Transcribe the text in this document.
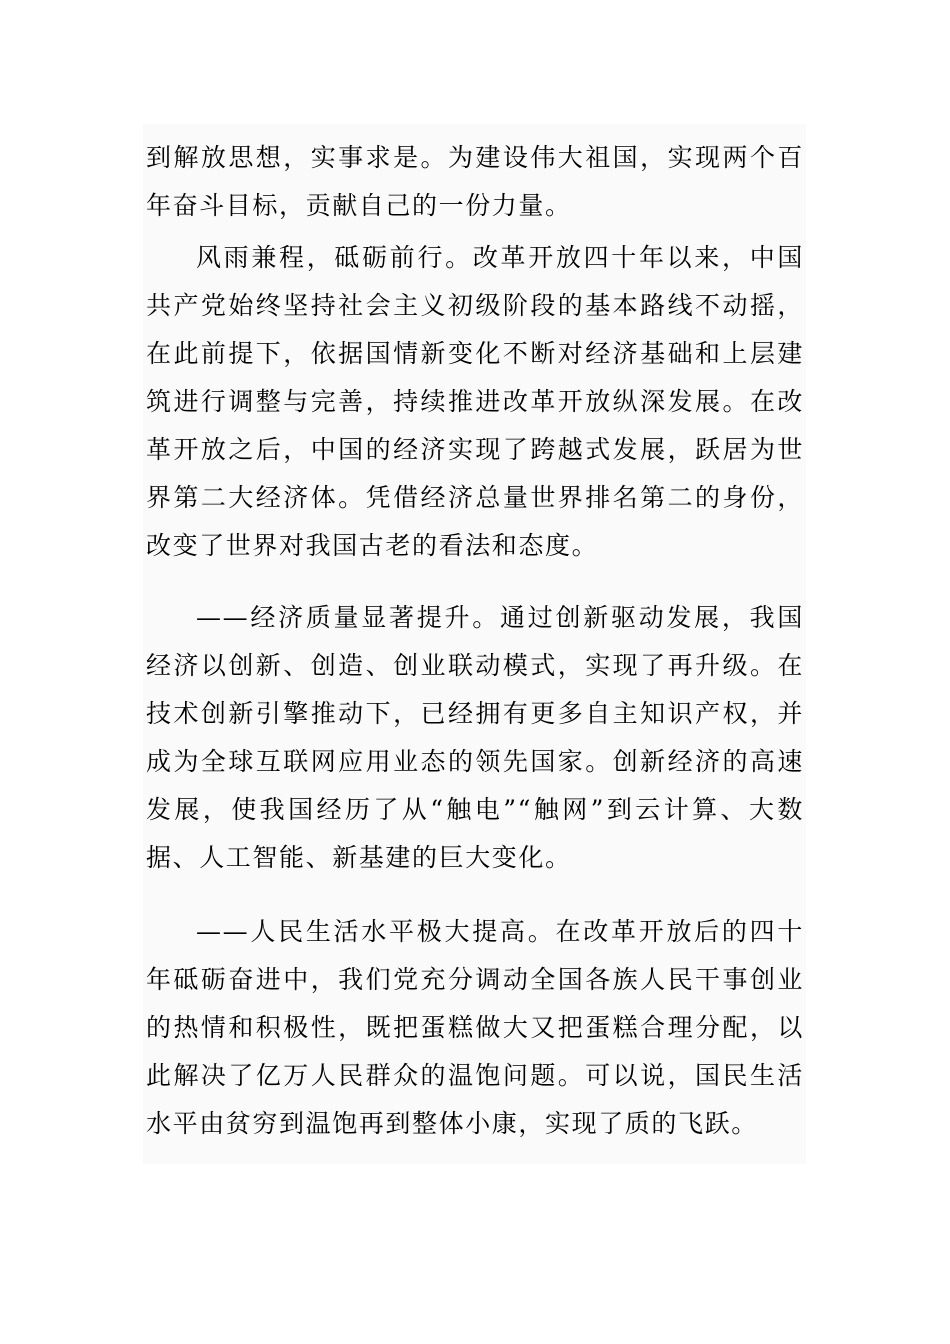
到解放思想，实事求是。为建设伟大祖国，实现两个百年奋斗目标，贡献自己的一份力量。

风雨兼程，砥砺前行。改革开放四十年以来，中国共产党始终坚持社会主义初级阶段的基本路线不动摇，在此前提下，依据国情新变化不断对经济基础和上层建筑进行调整与完善，持续推进改革开放纵深发展。在改革开放之后，中国的经济实现了跨越式发展，跃居为世界第二大经济体。凭借经济总量世界排名第二的身份，改变了世界对我国古老的看法和态度。

——经济质量显著提升。通过创新驱动发展，我国经济以创新、创造、创业联动模式，实现了再升级。在技术创新引擎推动下，已经拥有更多自主知识产权，并成为全球互联网应用业态的领先国家。创新经济的高速发展，使我国经历了从“触电”“触网”到云计算、大数据、人工智能、新基建的巨大变化。

——人民生活水平极大提高。在改革开放后的四十年砥砺奋进中，我们党充分调动全国各族人民干事创业的热情和积极性，既把蛋糕做大又把蛋糕合理分配，以此解决了亿万人民群众的温饱问题。可以说，国民生活水平由贫穷到温饱再到整体小康，实现了质的飞跃。
